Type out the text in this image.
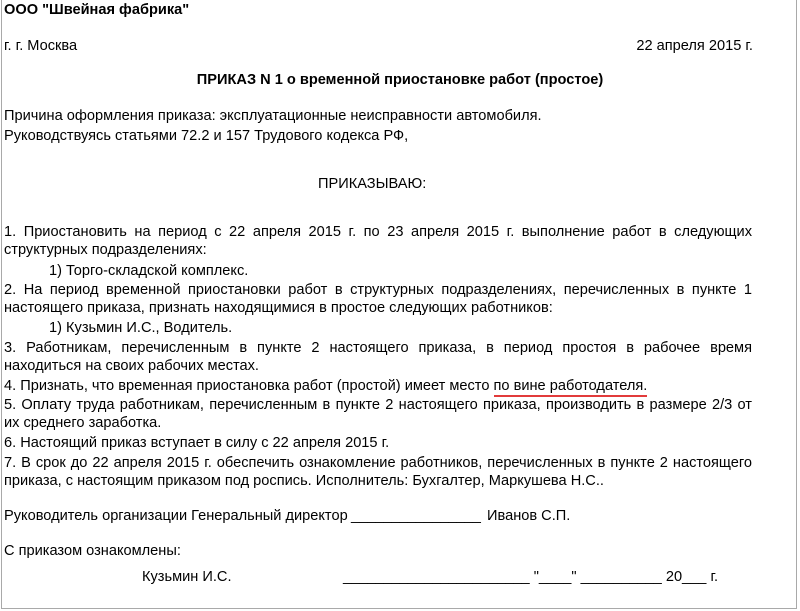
ООО "Швейная фабрика"
г. г. Москва	22 апреля 2015 г.
ПРИКАЗ N 1 о временной приостановке работ (простое)
Причина оформления приказа: эксплуатационные неисправности автомобиля.
Руководствуясь статьями 72.2 и 157 Трудового кодекса РФ,
ПРИКАЗЫВАЮ:
1. Приостановить на период с 22 апреля 2015 г. по 23 апреля 2015 г. выполнение работ в следующих
структурных подразделениях:
1) Торго-складской комплекс.
2. На период временной приостановки работ в структурных подразделениях, перечисленных в пункте 1
настоящего приказа, признать находящимися в простое следующих работников:
1) Кузьмин И.С., Водитель.
3. Работникам, перечисленным в пункте 2 настоящего приказа, в период простоя в рабочее время
находиться на своих рабочих местах.
4. Признать, что временная приостановка работ (простой) имеет место по вине работодателя.
5. Оплату труда работникам, перечисленным в пункте 2 настоящего приказа, производить в размере 2/3 от
их среднего заработка.
6. Настоящий приказ вступает в силу с 22 апреля 2015 г.
7. В срок до 22 апреля 2015 г. обеспечить ознакомление работников, перечисленных в пункте 2 настоящего
приказа, с настоящим приказом под роспись. Исполнитель: Бухгалтер, Маркушева Н.С..
Руководитель организации Генеральный директор ________________ Иванов С.П.
С приказом ознакомлены:
Кузьмин И.С.	_______________________ "____" __________ 20___ г.
